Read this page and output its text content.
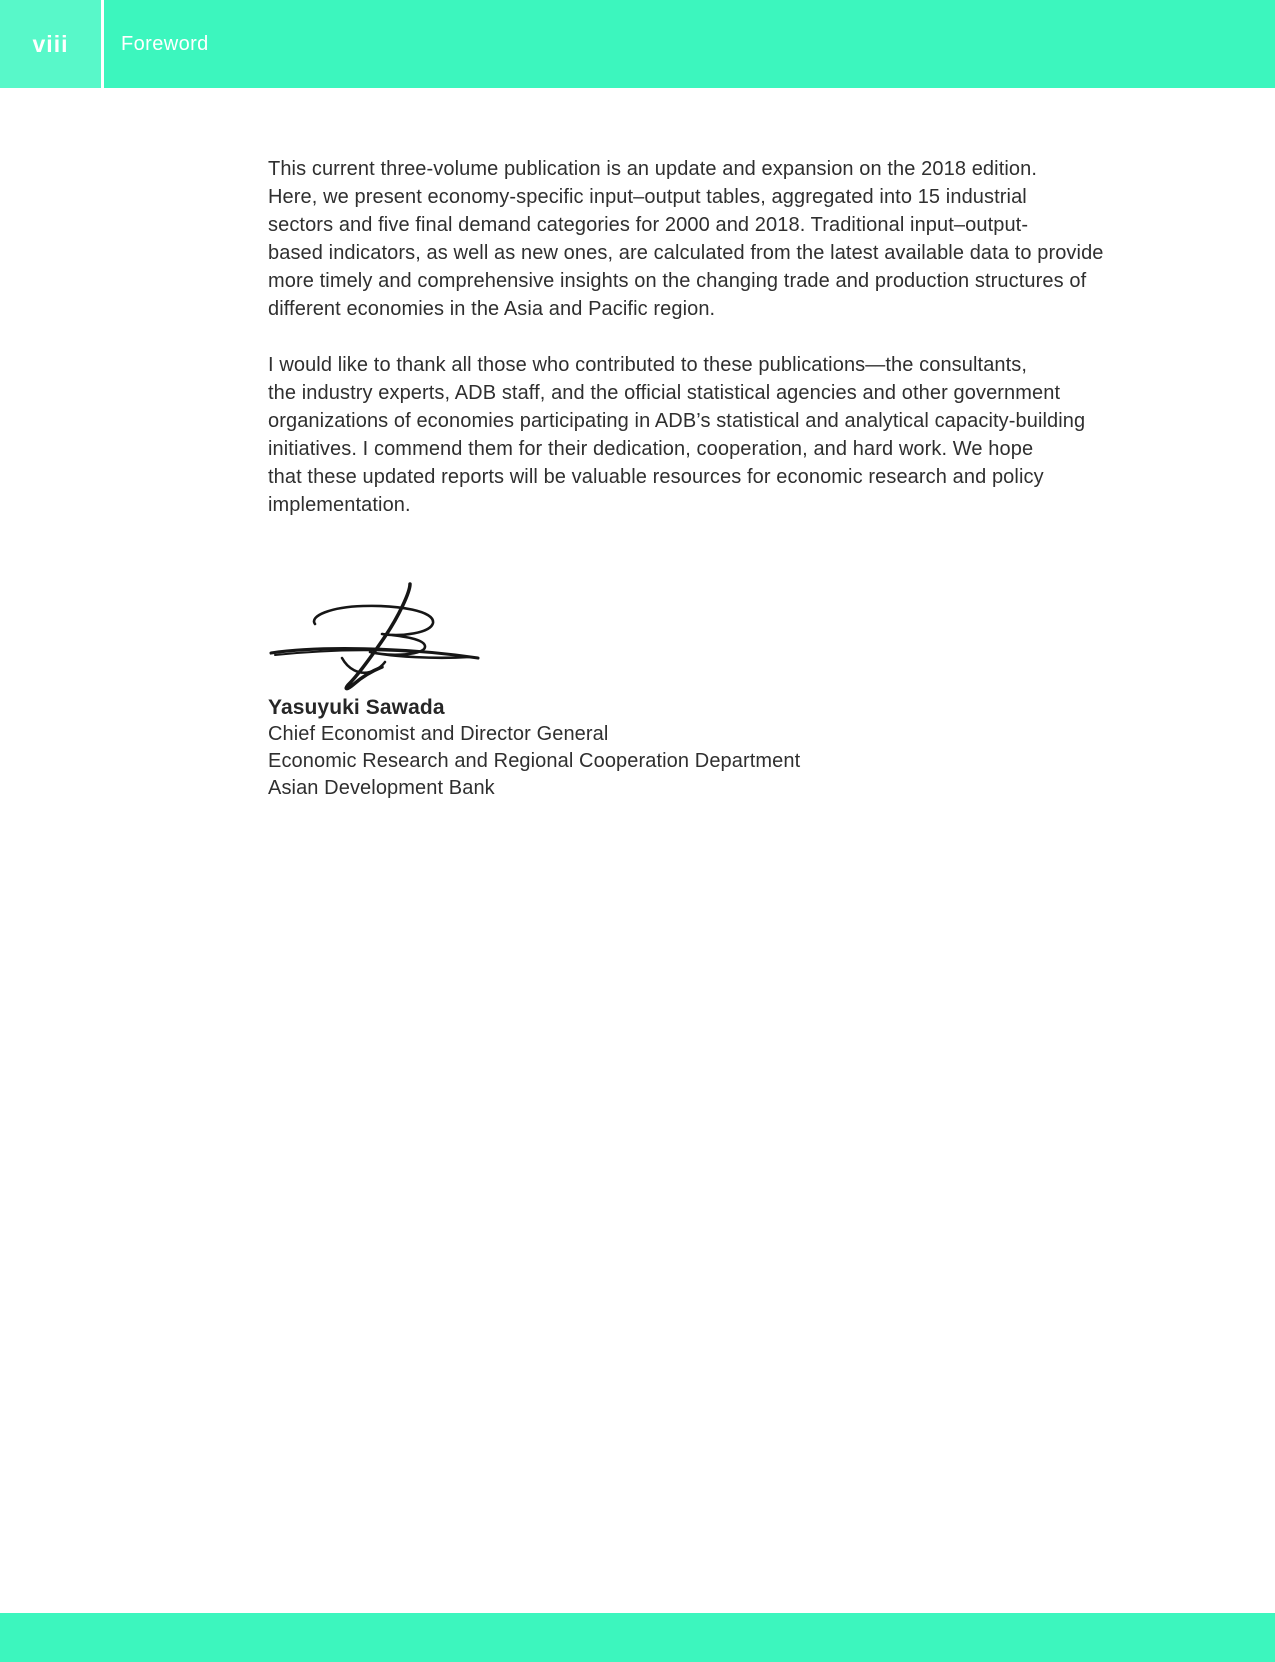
viii	Foreword

This current three-volume publication is an update and expansion on the 2018 edition.
Here, we present economy-specific input–output tables, aggregated into 15 industrial
sectors and five final demand categories for 2000 and 2018. Traditional input–output-
based indicators, as well as new ones, are calculated from the latest available data to provide
more timely and comprehensive insights on the changing trade and production structures of
different economies in the Asia and Pacific region.

I would like to thank all those who contributed to these publications—the consultants,
the industry experts, ADB staff, and the official statistical agencies and other government
organizations of economies participating in ADB’s statistical and analytical capacity-building
initiatives. I commend them for their dedication, cooperation, and hard work. We hope
that these updated reports will be valuable resources for economic research and policy
implementation.

Yasuyuki Sawada
Chief Economist and Director General
Economic Research and Regional Cooperation Department
Asian Development Bank
